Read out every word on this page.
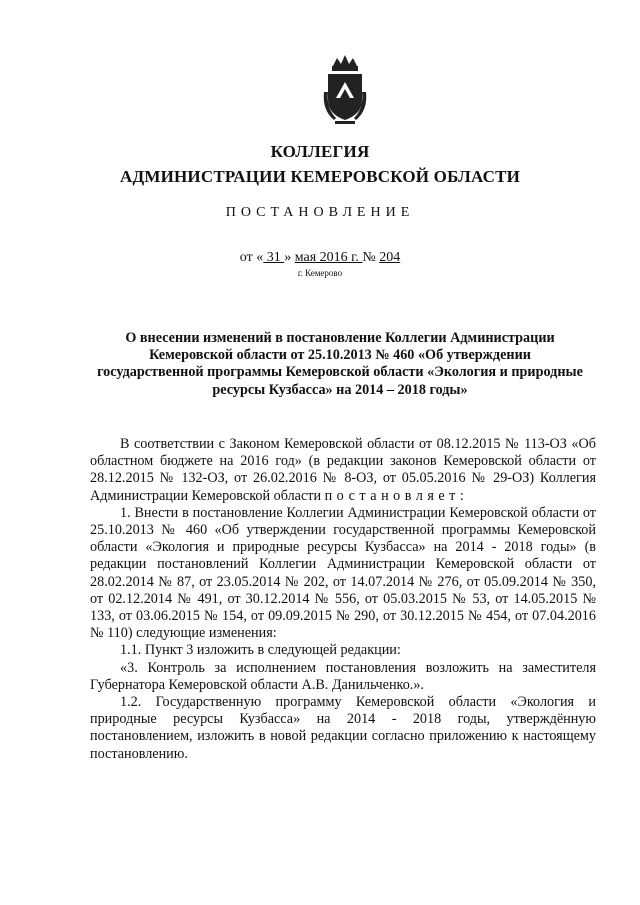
КОЛЛЕГИЯ
АДМИНИСТРАЦИИ КЕМЕРОВСКОЙ ОБЛАСТИ
ПОСТАНОВЛЕНИЕ
от « 31 » мая 2016 г. № 204
г. Кемерово
О внесении изменений в постановление Коллегии Администрации Кемеровской области от 25.10.2013 № 460 «Об утверждении государственной программы Кемеровской области «Экология и природные ресурсы Кузбасса» на 2014 – 2018 годы»

В соответствии с Законом Кемеровской области от 08.12.2015 № 113-ОЗ «Об областном бюджете на 2016 год» (в редакции законов Кемеровской области от 28.12.2015 № 132-ОЗ, от 26.02.2016 № 8-ОЗ, от 05.05.2016 № 29-ОЗ) Коллегия Администрации Кемеровской области постановляет:

1. Внести в постановление Коллегии Администрации Кемеровской области от 25.10.2013 № 460 «Об утверждении государственной программы Кемеровской области «Экология и природные ресурсы Кузбасса» на 2014 - 2018 годы» (в редакции постановлений Коллегии Администрации Кемеровской области от 28.02.2014 № 87, от 23.05.2014 № 202, от 14.07.2014 № 276, от 05.09.2014 № 350, от 02.12.2014 № 491, от 30.12.2014 № 556, от 05.03.2015 № 53, от 14.05.2015 № 133, от 03.06.2015 № 154, от 09.09.2015 № 290, от 30.12.2015 № 454, от 07.04.2016 № 110) следующие изменения:

1.1. Пункт 3 изложить в следующей редакции:

«3. Контроль за исполнением постановления возложить на заместителя Губернатора Кемеровской области А.В. Данильченко.».

1.2. Государственную программу Кемеровской области «Экология и природные ресурсы Кузбасса» на 2014 - 2018 годы, утверждённую постановлением, изложить в новой редакции согласно приложению к настоящему постановлению.
